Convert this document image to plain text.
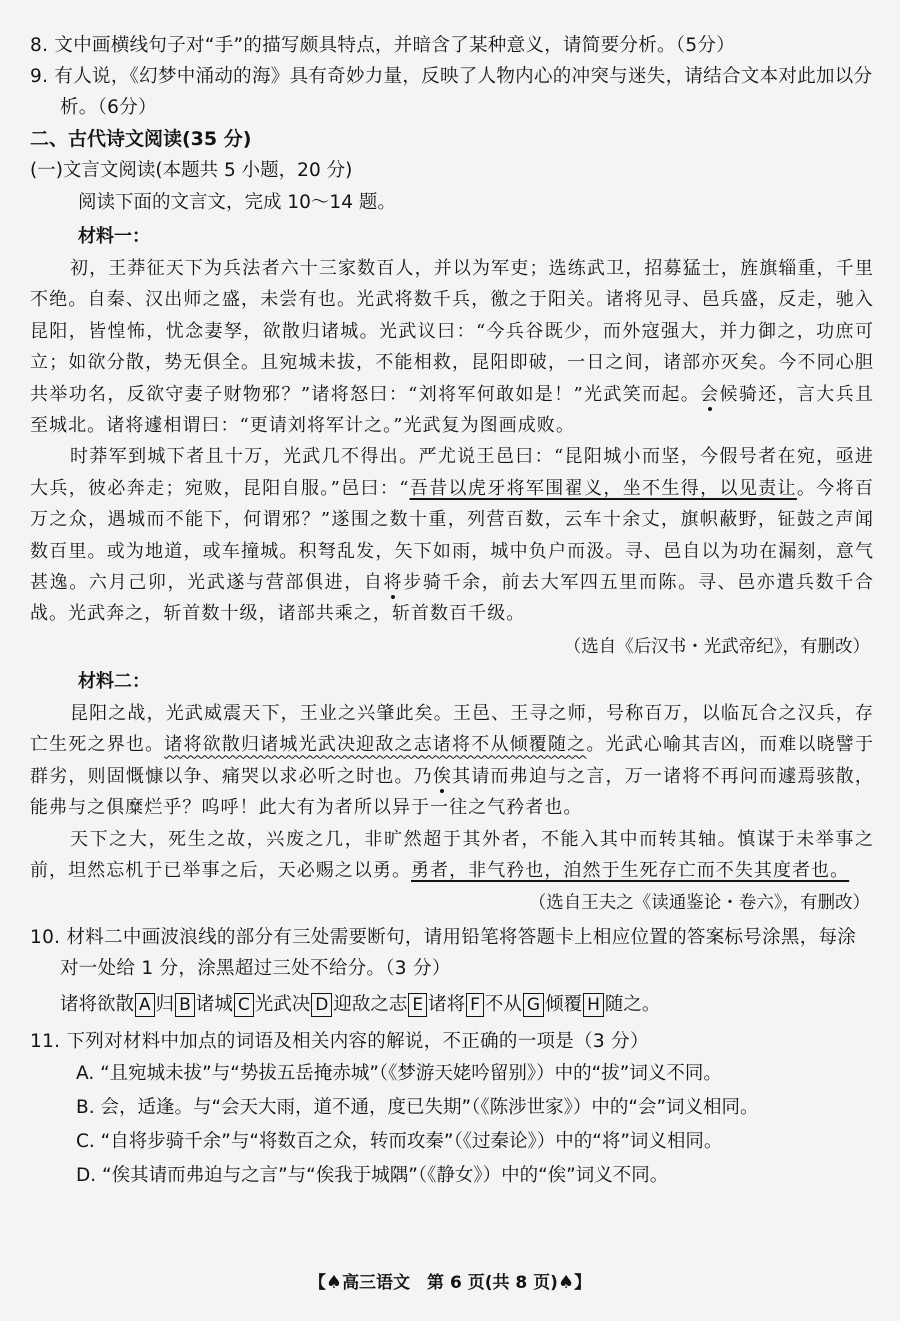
8. 文中画横线句子对“手”的描写颇具特点，并暗含了某种意义，请简要分析。（5分）
9. 有人说，《幻梦中涌动的海》具有奇妙力量，反映了人物内心的冲突与迷失，请结合文本对此加以分析。（6分）
二、古代诗文阅读(35 分)
(一)文言文阅读(本题共 5 小题，20 分)
阅读下面的文言文，完成 10～14 题。
材料一：
初，王莽征天下为兵法者六十三家数百人，并以为军吏；选练武卫，招募猛士，旌旗辎重，千里不绝。自秦、汉出师之盛，未尝有也。光武将数千兵，徼之于阳关。诸将见寻、邑兵盛，反走，驰入昆阳，皆惶怖，忧念妻孥，欲散归诸城。光武议曰：“今兵谷既少，而外寇强大，并力御之，功庶可立；如欲分散，势无俱全。且宛城未拔，不能相救，昆阳即破，一日之间，诸部亦灭矣。今不同心胆共举功名，反欲守妻子财物邪？”诸将怒曰：“刘将军何敢如是！”光武笑而起。会候骑还，言大兵且至城北。诸将遽相谓曰：“更请刘将军计之。”光武复为图画成败。
时莽军到城下者且十万，光武几不得出。严尤说王邑曰：“昆阳城小而坚，今假号者在宛，亟进大兵，彼必奔走；宛败，昆阳自服。”邑曰：“吾昔以虎牙将军围翟义，坐不生得，以见责让。今将百万之众，遇城而不能下，何谓邪？”遂围之数十重，列营百数，云车十余丈，旗帜蔽野，钲鼓之声闻数百里。或为地道，或车撞城。积弩乱发，矢下如雨，城中负户而汲。寻、邑自以为功在漏刻，意气甚逸。六月己卯，光武遂与营部俱进，自将步骑千余，前去大军四五里而陈。寻、邑亦遣兵数千合战。光武奔之，斩首数十级，诸部共乘之，斩首数百千级。
（选自《后汉书・光武帝纪》，有删改）
材料二：
昆阳之战，光武威震天下，王业之兴肇此矣。王邑、王寻之师，号称百万，以临瓦合之汉兵，存亡生死之界也。诸将欲散归诸城光武决迎敌之志诸将不从倾覆随之。光武心喻其吉凶，而难以晓譬于群劣，则固慨慷以争、痛哭以求必听之时也。乃俟其请而弗迫与之言，万一诸将不再问而遽焉骇散，能弗与之俱糜烂乎？呜呼！此大有为者所以异于一往之气矜者也。
天下之大，死生之故，兴废之几，非旷然超于其外者，不能入其中而转其轴。慎谋于未举事之前，坦然忘机于已举事之后，天必赐之以勇。勇者，非气矜也，洎然于生死存亡而不失其度者也。
（选自王夫之《读通鉴论・卷六》，有删改）
10. 材料二中画波浪线的部分有三处需要断句，请用铅笔将答题卡上相应位置的答案标号涂黑，每涂对一处给 1 分，涂黑超过三处不给分。（3 分）
诸将欲散 A 归 B 诸城 C 光武决 D 迎敌之志 E 诸将 F 不从 G 倾覆 H 随之。
11. 下列对材料中加点的词语及相关内容的解说，不正确的一项是（3 分）
A. “且宛城未拔”与“势拔五岳掩赤城”（《梦游天姥吟留别》）中的“拔”词义不同。
B. 会，适逢。与“会天大雨，道不通，度已失期”（《陈涉世家》）中的“会”词义相同。
C. “自将步骑千余”与“将数百之众，转而攻秦”（《过秦论》）中的“将”词义相同。
D. “俟其请而弗迫与之言”与“俟我于城隅”（《静女》）中的“俟”词义不同。
【♠高三语文　第 6 页(共 8 页)♠】
